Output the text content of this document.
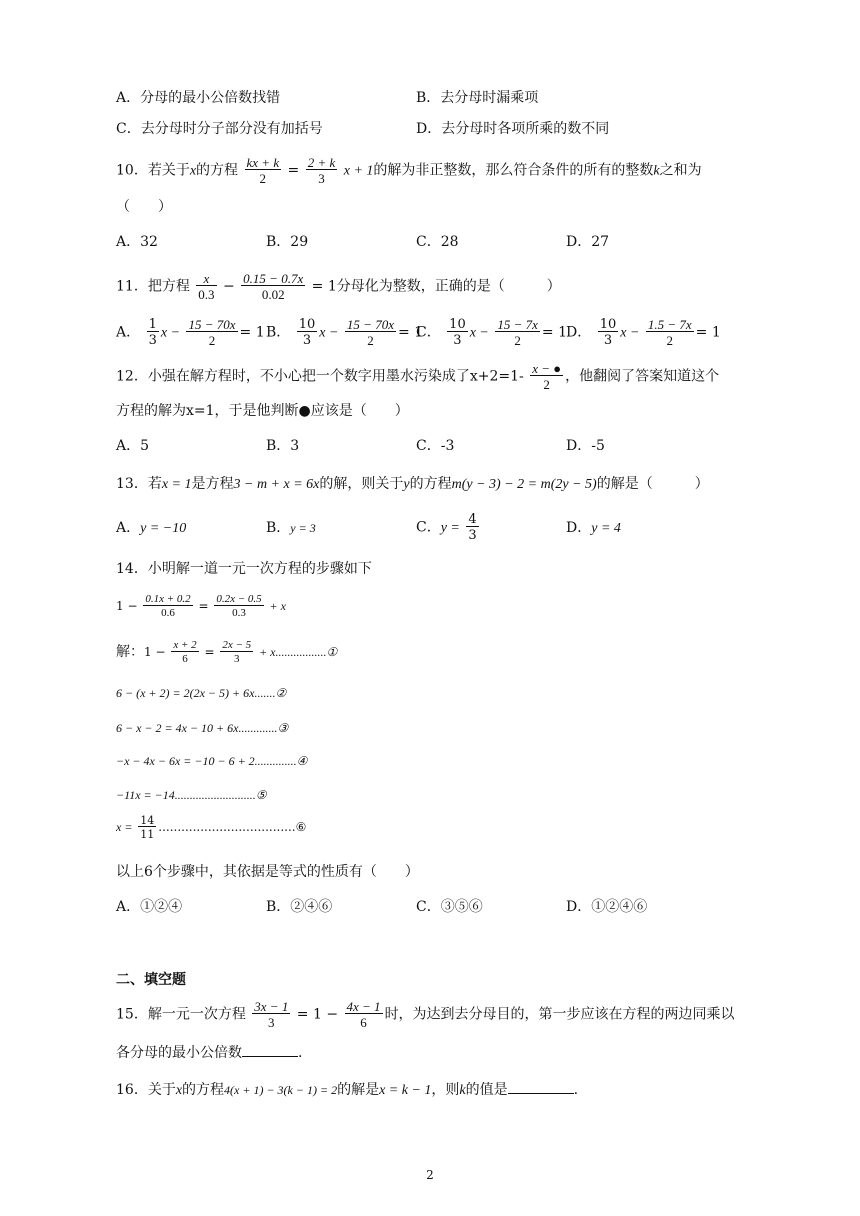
A．分母的最小公倍数找错	B．去分母时漏乘项
C．去分母时分子部分没有加括号	D．去分母时各项所乘的数不同
10．若关于x的方程 $\frac{kx + k}{2} = \frac{2 + k}{3}$ x + 1的解为非正整数，那么符合条件的所有的整数k之和为
（　　）
A．32	B．29	C．28	D．27
11．把方程 $\frac{x}{0.3} - \frac{0.15 - 0.7x}{0.02} = 1$分母化为整数，正确的是（　　　）
A． $\frac{1}{3}$ $x - \frac{15 - 70x}{2} = 1$ B． $\frac{10}{3}$ $x - \frac{15 - 70x}{2} = 1$
C． $\frac{10}{3}$ $x - \frac{15 - 7x}{2} = 1$ D． $\frac{10}{3}$ $x - \frac{1.5 - 7x}{2} = 1$
12．小强在解方程时，不小心把一个数字用墨水污染成了$x+2=1- \frac{x - ●}{2}$ ，他翻阅了答案知道这个
方程的解为x=1，于是他判断●应该是（　　）
A．5	B．3	C．-3	D．-5
13．若x = 1是方程3 − m + x = 6x的解，则关于y的方程m(y − 3) − 2 = m(2y − 5)的解是（　　　）
A．y = −10	B．y = 3	C．$y = \frac{4}{3}$	D．y = 4
14．小明解一道一元一次方程的步骤如下
$1 - \frac{0.1x + 0.2}{0.6} = \frac{0.2x - 0.5}{0.3} + x$
解：$1 - \frac{x + 2}{6} = \frac{2x - 5}{3}$ + x.................①
6 − (x + 2) = 2(2x − 5) + 6x.......②
6 − x − 2 = 4x − 10 + 6x.............③
−x − 4x − 6x = −10 − 6 + 2..............④
−11x = −14...........................⑤
$x = \frac{14}{11}$ ....................................⑥
以上6个步骤中，其依据是等式的性质有（　　）
A．①②④	B．②④⑥	C．③⑤⑥	D．①②④⑥
二、填空题
15．解一元一次方程 $\frac{3x - 1}{3} = 1 - \frac{4x - 1}{6}$ 时，为达到去分母目的，第一步应该在方程的两边同乘以
各分母的最小公倍数	.
16．关于x的方程4(x + 1) − 3(k − 1) = 2的解是x = k − 1，则k的值是	.
2
